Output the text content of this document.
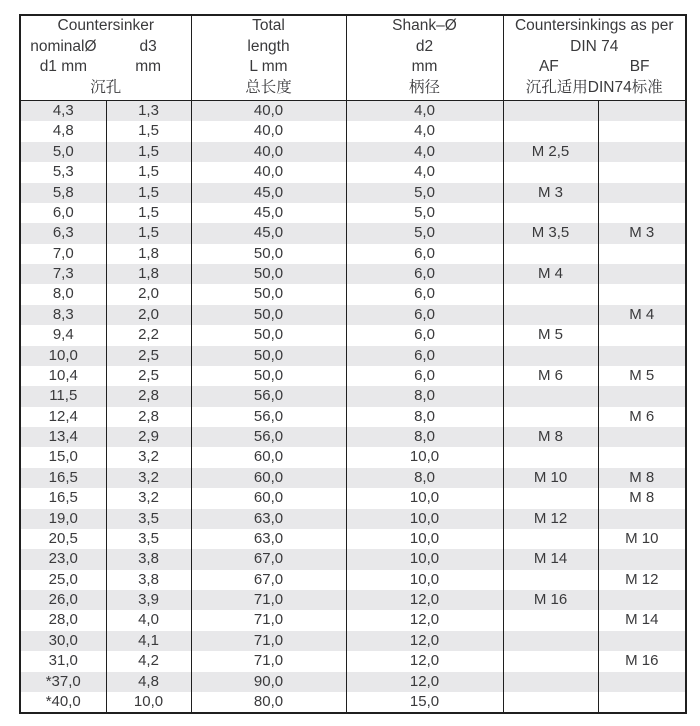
Countersinker
nominalØ	d3
d1 mm	mm
沉孔

Total
length
L mm
总长度

Shank–Ø
d2
mm
柄径

Countersinkings as per
DIN 74
AF	BF
沉孔适用DIN74标准

4,3	1,3	40,0	4,0		
4,8	1,5	40,0	4,0		
5,0	1,5	40,0	4,0	M 2,5	
5,3	1,5	40,0	4,0		
5,8	1,5	45,0	5,0	M 3	
6,0	1,5	45,0	5,0		
6,3	1,5	45,0	5,0	M 3,5	M 3
7,0	1,8	50,0	6,0		
7,3	1,8	50,0	6,0	M 4	
8,0	2,0	50,0	6,0		
8,3	2,0	50,0	6,0		M 4
9,4	2,2	50,0	6,0	M 5	
10,0	2,5	50,0	6,0		
10,4	2,5	50,0	6,0	M 6	M 5
11,5	2,8	56,0	8,0		
12,4	2,8	56,0	8,0		M 6
13,4	2,9	56,0	8,0	M 8	
15,0	3,2	60,0	10,0		
16,5	3,2	60,0	8,0	M 10	M 8
16,5	3,2	60,0	10,0		M 8
19,0	3,5	63,0	10,0	M 12	
20,5	3,5	63,0	10,0		M 10
23,0	3,8	67,0	10,0	M 14	
25,0	3,8	67,0	10,0		M 12
26,0	3,9	71,0	12,0	M 16	
28,0	4,0	71,0	12,0		M 14
30,0	4,1	71,0	12,0		
31,0	4,2	71,0	12,0		M 16
*37,0	4,8	90,0	12,0		
*40,0	10,0	80,0	15,0		
